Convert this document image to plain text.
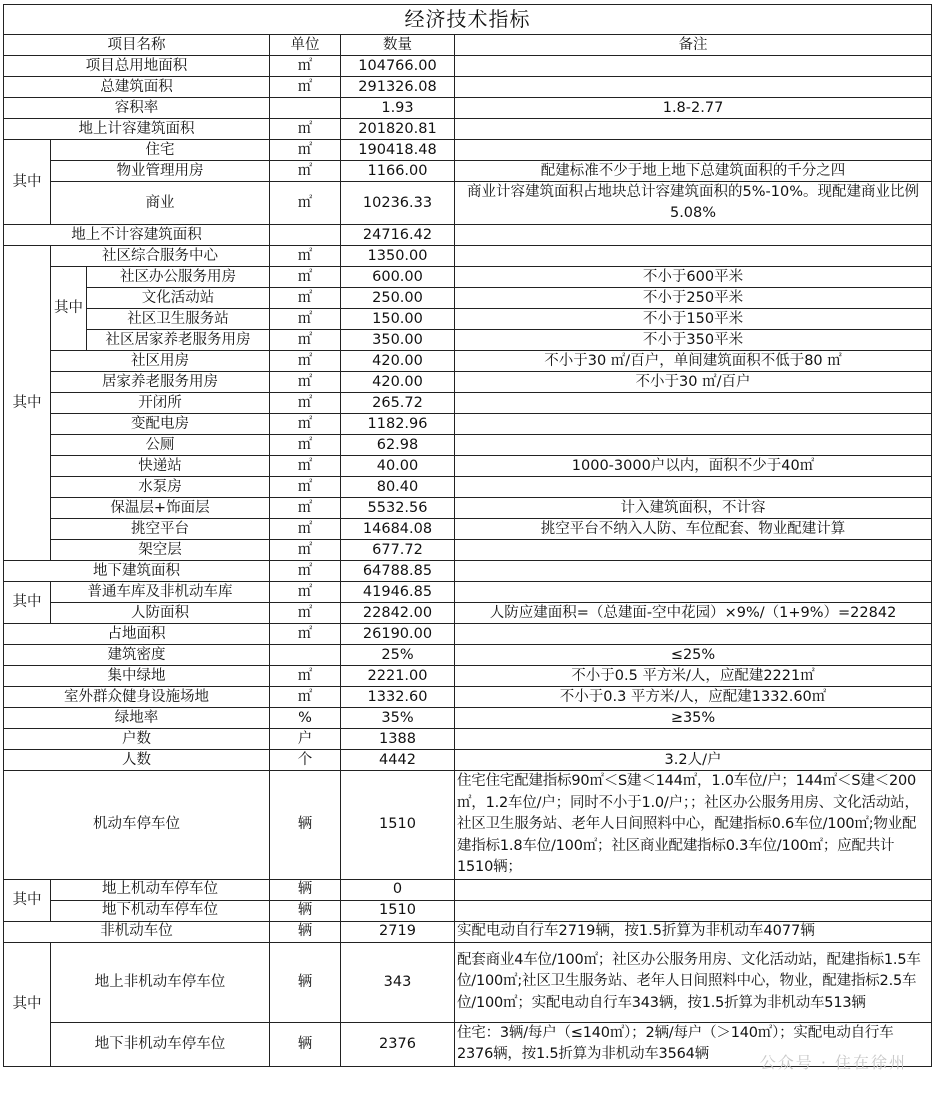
经济技术指标					
项目名称			单位	数量	备注
项目总用地面积			㎡	104766.00	
总建筑面积			㎡	291326.08	
容积率				1.93	1.8-2.77
地上计容建筑面积			㎡	201820.81	
其中	住宅		㎡	190418.48	
	物业管理用房		㎡	1166.00	配建标准不少于地上地下总建筑面积的千分之四
	商业		㎡	10236.33	商业计容建筑面积占地块总计容建筑面积的5%-10%。现配建商业比例5.08%
地上不计容建筑面积				24716.42	
其中	社区综合服务中心		㎡	1350.00	
	其中	社区办公服务用房	㎡	600.00	不小于600平米
		文化活动站	㎡	250.00	不小于250平米
		社区卫生服务站	㎡	150.00	不小于150平米
		社区居家养老服务用房	㎡	350.00	不小于350平米
	社区用房		㎡	420.00	不小于30 ㎡/百户，单间建筑面积不低于80 ㎡
	居家养老服务用房		㎡	420.00	不小于30 ㎡/百户
	开闭所		㎡	265.72	
	变配电房		㎡	1182.96	
	公厕		㎡	62.98	
	快递站		㎡	40.00	1000-3000户以内，面积不少于40㎡
	水泵房		㎡	80.40	
	保温层+饰面层		㎡	5532.56	计入建筑面积，不计容
	挑空平台		㎡	14684.08	挑空平台不纳入人防、车位配套、物业配建计算
	架空层		㎡	677.72	
地下建筑面积			㎡	64788.85	
其中	普通车库及非机动车库		㎡	41946.85	
	人防面积		㎡	22842.00	人防应建面积=（总建面-空中花园）×9%/（1+9%）=22842
占地面积			㎡	26190.00	
建筑密度				25%	≤25%
集中绿地			㎡	2221.00	不小于0.5 平方米/人，应配建2221㎡
室外群众健身设施场地			㎡	1332.60	不小于0.3 平方米/人，应配建1332.60㎡
绿地率			%	35%	≥35%
户数			户	1388	
人数			个	4442	3.2人/户
机动车停车位			辆	1510	住宅住宅配建指标90㎡＜S建＜144㎡，1.0车位/户；144㎡＜S建＜200㎡，1.2车位/户；同时不小于1.0/户；；社区办公服务用房、文化活动站，社区卫生服务站、老年人日间照料中心，配建指标0.6车位/100㎡;物业配建指标1.8车位/100㎡；社区商业配建指标0.3车位/100㎡；应配共计1510辆；
其中	地上机动车停车位		辆	0	
	地下机动车停车位		辆	1510	
非机动车位			辆	2719	实配电动自行车2719辆，按1.5折算为非机动车4077辆
其中	地上非机动车停车位		辆	343	配套商业4车位/100㎡；社区办公服务用房、文化活动站，配建指标1.5车位/100㎡;社区卫生服务站、老年人日间照料中心，物业，配建指标2.5车位/100㎡；实配电动自行车343辆，按1.5折算为非机动车513辆
	地下非机动车停车位		辆	2376	住宅：3辆/每户（≤140㎡）；2辆/每户（＞140㎡）；实配电动自行车2376辆，按1.5折算为非机动车3564辆	公众号 · 住在徐州
